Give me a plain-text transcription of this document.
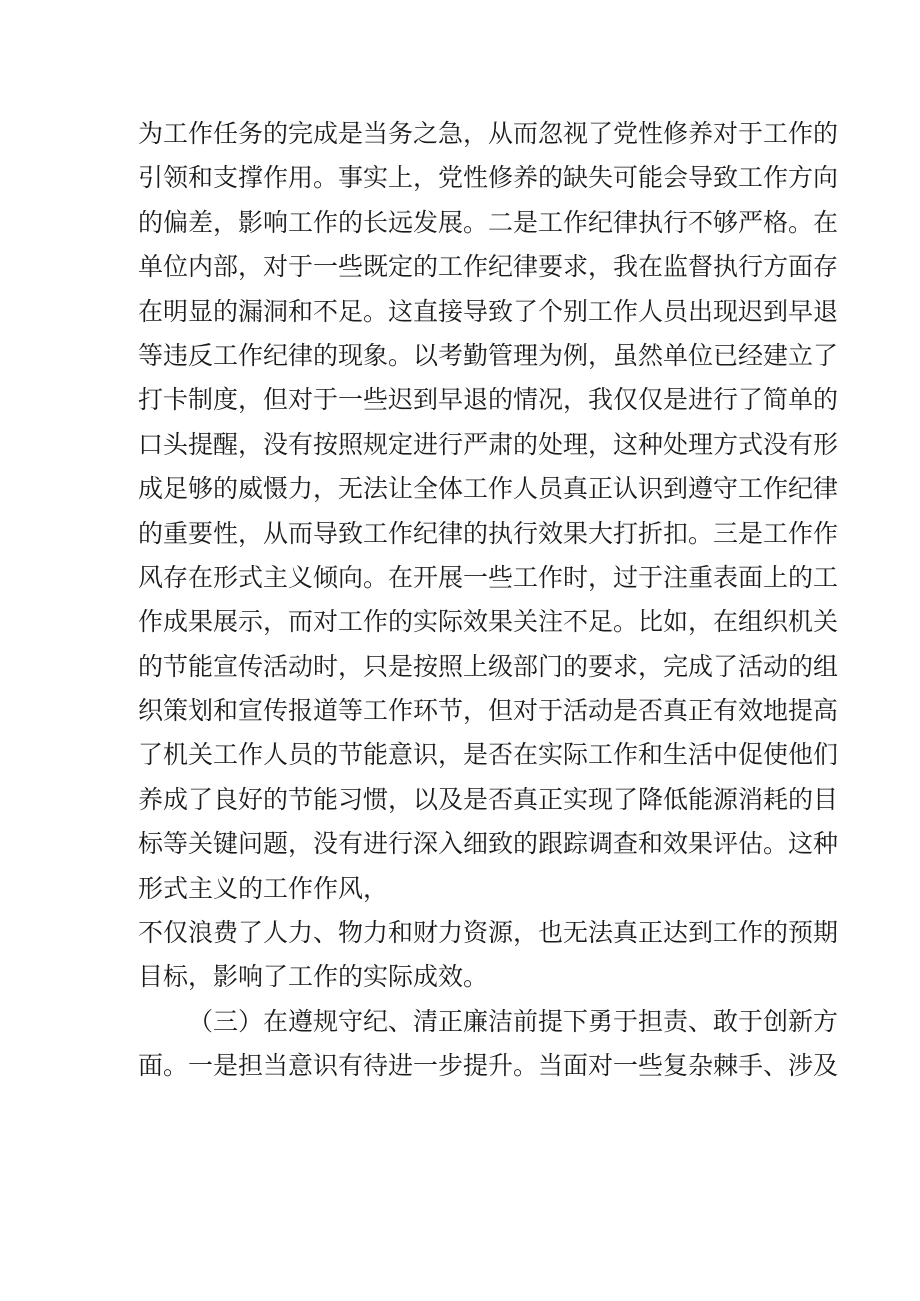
为工作任务的完成是当务之急，从而忽视了党性修养对于工作的
引领和支撑作用。事实上，党性修养的缺失可能会导致工作方向
的偏差，影响工作的长远发展。二是工作纪律执行不够严格。在
单位内部，对于一些既定的工作纪律要求，我在监督执行方面存
在明显的漏洞和不足。这直接导致了个别工作人员出现迟到早退
等违反工作纪律的现象。以考勤管理为例，虽然单位已经建立了
打卡制度，但对于一些迟到早退的情况，我仅仅是进行了简单的
口头提醒，没有按照规定进行严肃的处理，这种处理方式没有形
成足够的威慑力，无法让全体工作人员真正认识到遵守工作纪律
的重要性，从而导致工作纪律的执行效果大打折扣。三是工作作
风存在形式主义倾向。在开展一些工作时，过于注重表面上的工
作成果展示，而对工作的实际效果关注不足。比如，在组织机关
的节能宣传活动时，只是按照上级部门的要求，完成了活动的组
织策划和宣传报道等工作环节，但对于活动是否真正有效地提高
了机关工作人员的节能意识，是否在实际工作和生活中促使他们
养成了良好的节能习惯，以及是否真正实现了降低能源消耗的目
标等关键问题，没有进行深入细致的跟踪调查和效果评估。这种
形式主义的工作作风，
不仅浪费了人力、物力和财力资源，也无法真正达到工作的预期
目标，影响了工作的实际成效。
（三）在遵规守纪、清正廉洁前提下勇于担责、敢于创新方
面。一是担当意识有待进一步提升。当面对一些复杂棘手、涉及
